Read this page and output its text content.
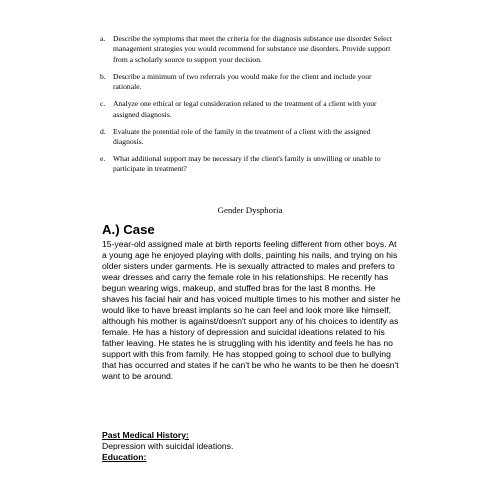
a.	Describe the symptoms that meet the criteria for the diagnosis substance use disorder Select management strategies you would recommend for substance use disorders. Provide support from a scholarly source to support your decision.
b. Describe a minimum of two referrals you would make for the client and include your rationale.
c.	Analyze one ethical or legal consideration related to the treatment of a client with your assigned diagnosis.
d. Evaluate the potential role of the family in the treatment of a client with the assigned diagnosis.
e.	What additional support may be necessary if the client's family is unwilling or unable to participate in treatment?

Gender Dysphoria

A.) Case

15-year-old assigned male at birth reports feeling different from other boys. At a young age he enjoyed playing with dolls, painting his nails, and trying on his older sisters under garments. He is sexually attracted to males and prefers to wear dresses and carry the female role in his relationships. He recently has begun wearing wigs, makeup, and stuffed bras for the last 8 months. He shaves his facial hair and has voiced multiple times to his mother and sister he would like to have breast implants so he can feel and look more like himself, although his mother is against/doesn't support any of his choices to identify as female. He has a history of depression and suicidal ideations related to his father leaving. He states he is struggling with his identity and feels he has no support with this from family. He has stopped going to school due to bullying that has occurred and states if he can't be who he wants to be then he doesn't want to be around.

Past Medical History:
Depression with suicidal ideations.
Education:
